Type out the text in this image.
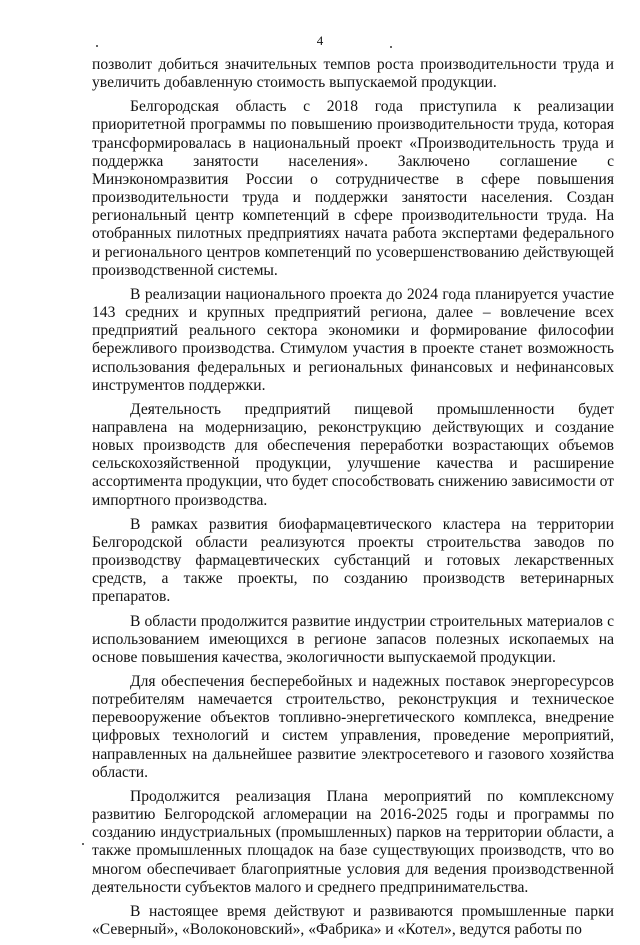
4

позволит добиться значительных темпов роста производительности труда и увеличить добавленную стоимость выпускаемой продукции.

Белгородская область с 2018 года приступила к реализации приоритетной программы по повышению производительности труда, которая трансформировалась в национальный проект «Производительность труда и поддержка занятости населения». Заключено соглашение с Минэкономразвития России о сотрудничестве в сфере повышения производительности труда и поддержки занятости населения. Создан региональный центр компетенций в сфере производительности труда. На отобранных пилотных предприятиях начата работа экспертами федерального и регионального центров компетенций по усовершенствованию действующей производственной системы.

В реализации национального проекта до 2024 года планируется участие 143 средних и крупных предприятий региона, далее – вовлечение всех предприятий реального сектора экономики и формирование философии бережливого производства. Стимулом участия в проекте станет возможность использования федеральных и региональных финансовых и нефинансовых инструментов поддержки.

Деятельность предприятий пищевой промышленности будет направлена на модернизацию, реконструкцию действующих и создание новых производств для обеспечения переработки возрастающих объемов сельскохозяйственной продукции, улучшение качества и расширение ассортимента продукции, что будет способствовать снижению зависимости от импортного производства.

В рамках развития биофармацевтического кластера на территории Белгородской области реализуются проекты строительства заводов по производству фармацевтических субстанций и готовых лекарственных средств, а также проекты, по созданию производств ветеринарных препаратов.

В области продолжится развитие индустрии строительных материалов с использованием имеющихся в регионе запасов полезных ископаемых на основе повышения качества, экологичности выпускаемой продукции.

Для обеспечения бесперебойных и надежных поставок энергоресурсов потребителям намечается строительство, реконструкция и техническое перевооружение объектов топливно-энергетического комплекса, внедрение цифровых технологий и систем управления, проведение мероприятий, направленных на дальнейшее развитие электросетевого и газового хозяйства области.

Продолжится реализация Плана мероприятий по комплексному развитию Белгородской агломерации на 2016-2025 годы и программы по созданию индустриальных (промышленных) парков на территории области, а также промышленных площадок на базе существующих производств, что во многом обеспечивает благоприятные условия для ведения производственной деятельности субъектов малого и среднего предпринимательства.

В настоящее время действуют и развиваются промышленные парки «Северный», «Волоконовский», «Фабрика» и «Котел», ведутся работы по
